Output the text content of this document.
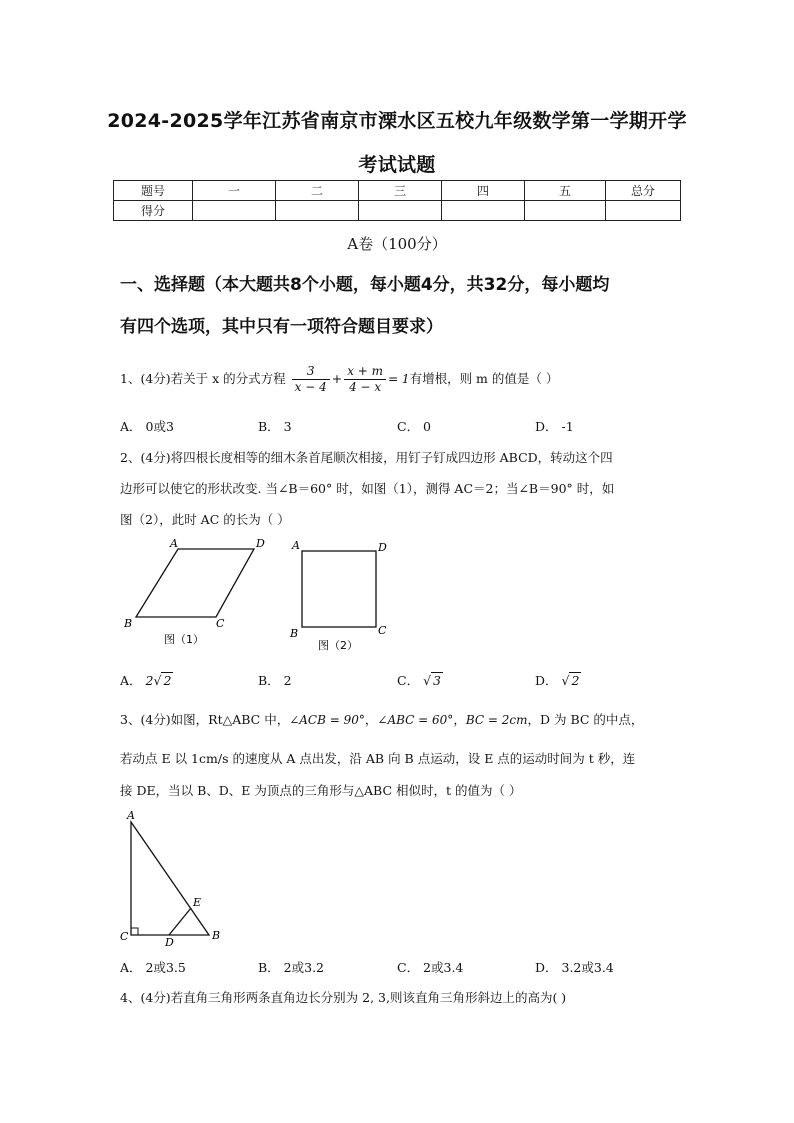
2024-2025学年江苏省南京市溧水区五校九年级数学第一学期开学
考试试题
题号	一	二	三	四	五	总分
得分						
A卷（100分）
一、选择题（本大题共8个小题，每小题4分，共32分，每小题均
有四个选项，其中只有一项符合题目要求）
1、(4分)若关于 x 的分式方程 $\frac{3}{x - 4} + \frac{x + m}{4 - x} = 1$有增根，则 m 的值是（ ）
A． 0或3	B． 3	C． 0	D． -1
2、(4分)将四根长度相等的细木条首尾顺次相接，用钉子钉成四边形 ABCD，转动这个四
边形可以使它的形状改变. 当∠B＝60° 时，如图（1），测得 AC＝2；当∠B＝90° 时，如
图（2），此时 AC 的长为（ ）
A	D
B	C
图（1）
A	D
B	C
图（2）
A． 2√ 2	B． 2	C． √ 3	D． √ 2
3、(4分)如图，Rt△ABC 中，∠ACB = 90°，∠ABC = 60°，BC = 2cm，D 为 BC 的中点，
若动点 E 以 1cm/s 的速度从 A 点出发，沿 AB 向 B 点运动，设 E 点的运动时间为 t 秒，连
接 DE，当以 B、D、E 为顶点的三角形与△ABC 相似时，t 的值为（ ）
A
C	D
B
E
A． 2或3.5	B． 2或3.2	C． 2或3.4	D． 3.2或3.4
4、(4分)若直角三角形两条直角边长分别为 2, 3,则该直角三角形斜边上的高为( )
